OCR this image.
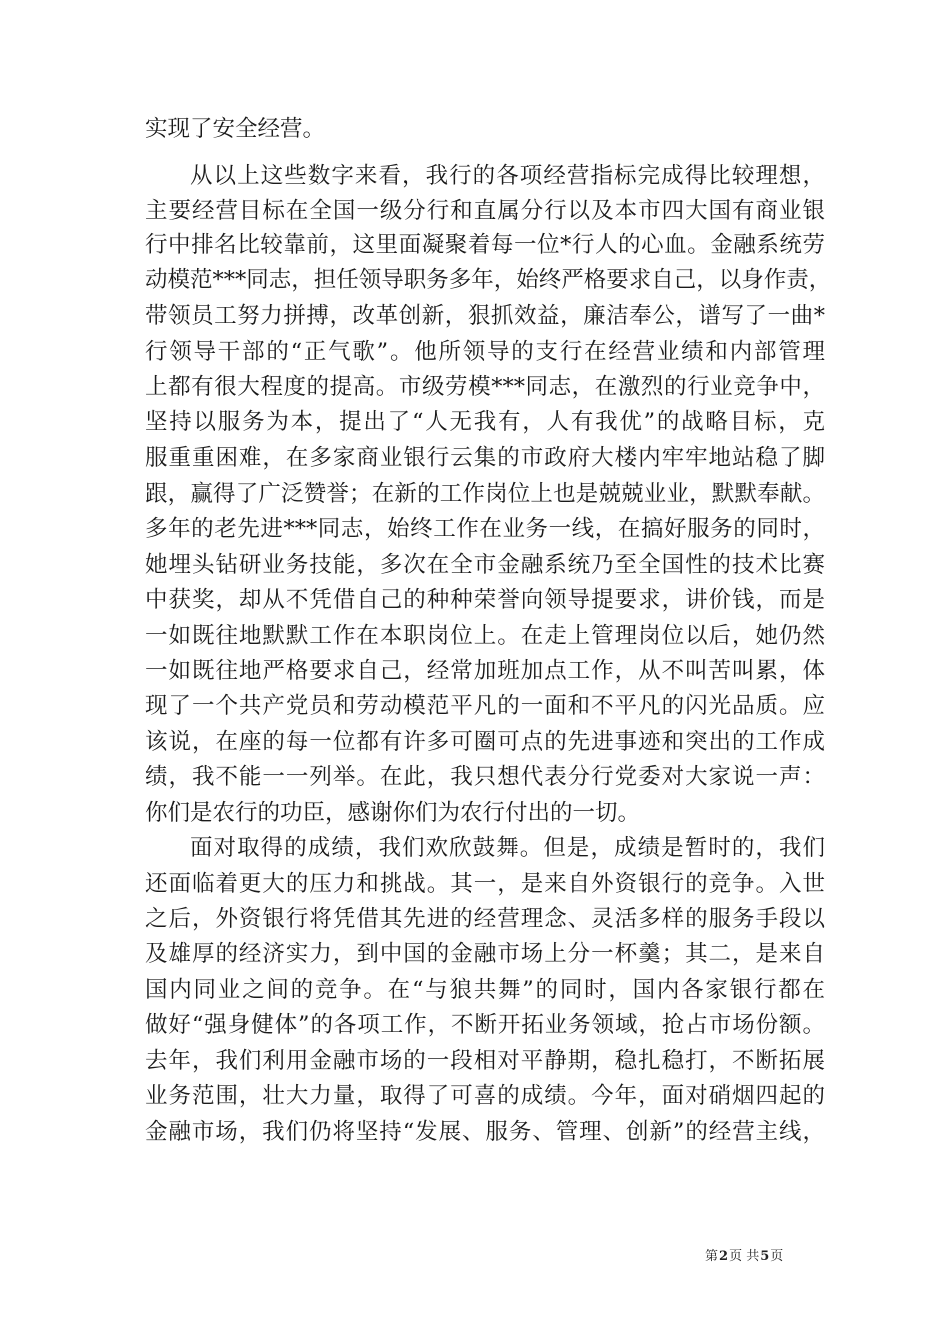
实现了安全经营。
从以上这些数字来看，我行的各项经营指标完成得比较理想，
主要经营目标在全国一级分行和直属分行以及本市四大国有商业银
行中排名比较靠前，这里面凝聚着每一位*行人的心血。金融系统劳
动模范***同志，担任领导职务多年，始终严格要求自己，以身作责，
带领员工努力拼搏，改革创新，狠抓效益，廉洁奉公，谱写了一曲*
行领导干部的“正气歌”。他所领导的支行在经营业绩和内部管理
上都有很大程度的提高。市级劳模***同志，在激烈的行业竞争中，
坚持以服务为本，提出了“人无我有，人有我优”的战略目标，克
服重重困难，在多家商业银行云集的市政府大楼内牢牢地站稳了脚
跟，赢得了广泛赞誉；在新的工作岗位上也是兢兢业业，默默奉献。
多年的老先进***同志，始终工作在业务一线，在搞好服务的同时，
她埋头钻研业务技能，多次在全市金融系统乃至全国性的技术比赛
中获奖，却从不凭借自己的种种荣誉向领导提要求，讲价钱，而是
一如既往地默默工作在本职岗位上。在走上管理岗位以后，她仍然
一如既往地严格要求自己，经常加班加点工作，从不叫苦叫累，体
现了一个共产党员和劳动模范平凡的一面和不平凡的闪光品质。应
该说，在座的每一位都有许多可圈可点的先进事迹和突出的工作成
绩，我不能一一列举。在此，我只想代表分行党委对大家说一声：
你们是农行的功臣，感谢你们为农行付出的一切。
面对取得的成绩，我们欢欣鼓舞。但是，成绩是暂时的，我们
还面临着更大的压力和挑战。其一，是来自外资银行的竞争。入世
之后，外资银行将凭借其先进的经营理念、灵活多样的服务手段以
及雄厚的经济实力，到中国的金融市场上分一杯羹；其二，是来自
国内同业之间的竞争。在“与狼共舞”的同时，国内各家银行都在
做好“强身健体”的各项工作，不断开拓业务领域，抢占市场份额。
去年，我们利用金融市场的一段相对平静期，稳扎稳打，不断拓展
业务范围，壮大力量，取得了可喜的成绩。今年，面对硝烟四起的
金融市场，我们仍将坚持“发展、服务、管理、创新”的经营主线，
第2页 共5页
